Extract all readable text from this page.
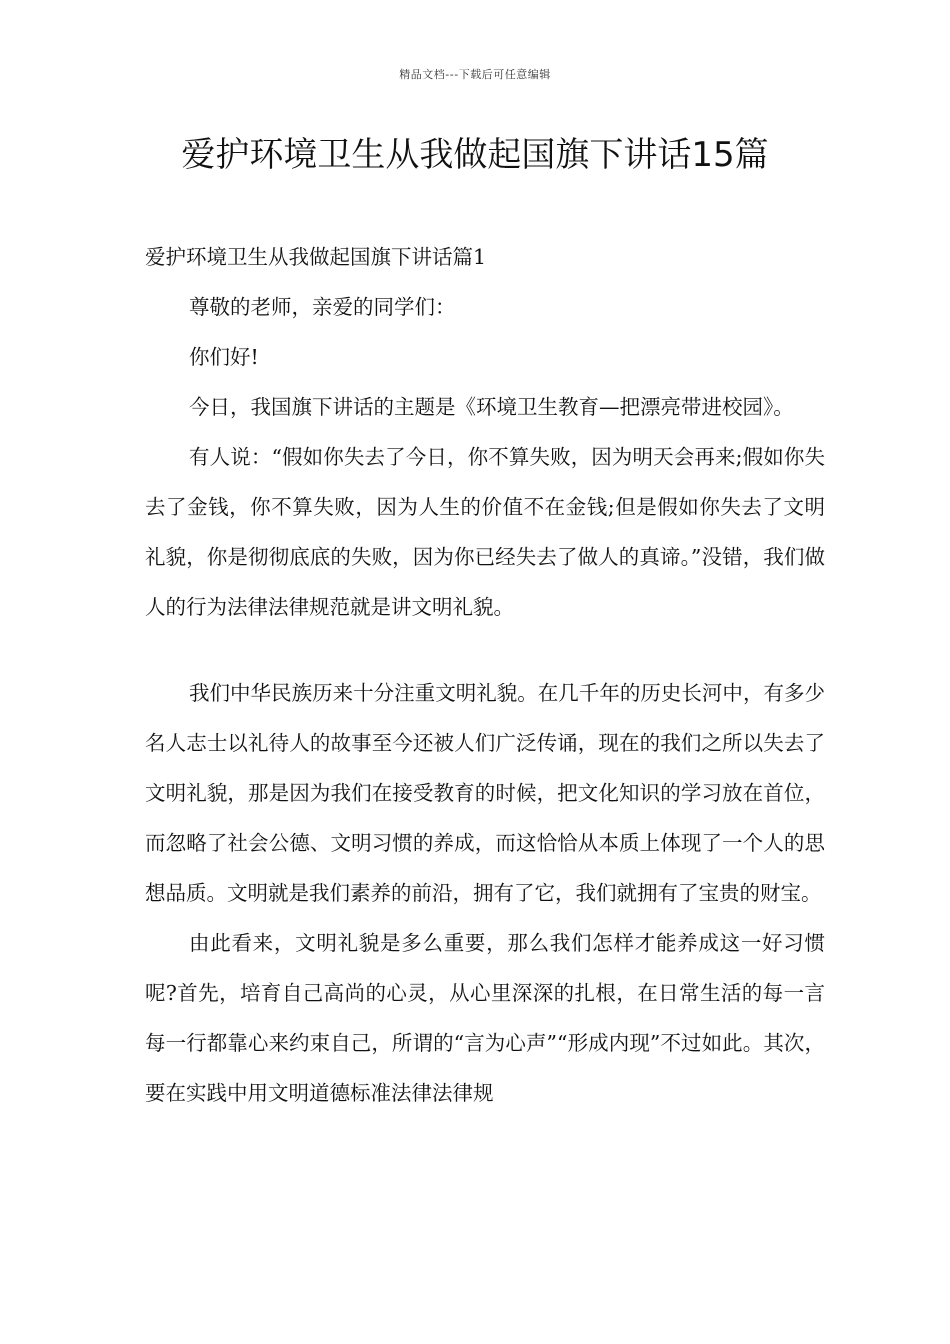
精品文档---下载后可任意编辑
爱护环境卫生从我做起国旗下讲话15篇

爱护环境卫生从我做起国旗下讲话篇1

尊敬的老师，亲爱的同学们：

你们好!

今日，我国旗下讲话的主题是《环境卫生教育—把漂亮带进校园》。

有人说：“假如你失去了今日，你不算失败，因为明天会再来;假如你失去了金钱，你不算失败，因为人生的价值不在金钱;但是假如你失去了文明礼貌，你是彻彻底底的失败，因为你已经失去了做人的真谛。”没错，我们做人的行为法律法律规范就是讲文明礼貌。

我们中华民族历来十分注重文明礼貌。在几千年的历史长河中，有多少名人志士以礼待人的故事至今还被人们广泛传诵，现在的我们之所以失去了文明礼貌，那是因为我们在接受教育的时候，把文化知识的学习放在首位，而忽略了社会公德、文明习惯的养成，而这恰恰从本质上体现了一个人的思想品质。文明就是我们素养的前沿，拥有了它，我们就拥有了宝贵的财宝。

由此看来，文明礼貌是多么重要，那么我们怎样才能养成这一好习惯呢?首先，培育自己高尚的心灵，从心里深深的扎根，在日常生活的每一言每一行都靠心来约束自己，所谓的“言为心声”“形成内现”不过如此。其次，要在实践中用文明道德标准法律法律规
